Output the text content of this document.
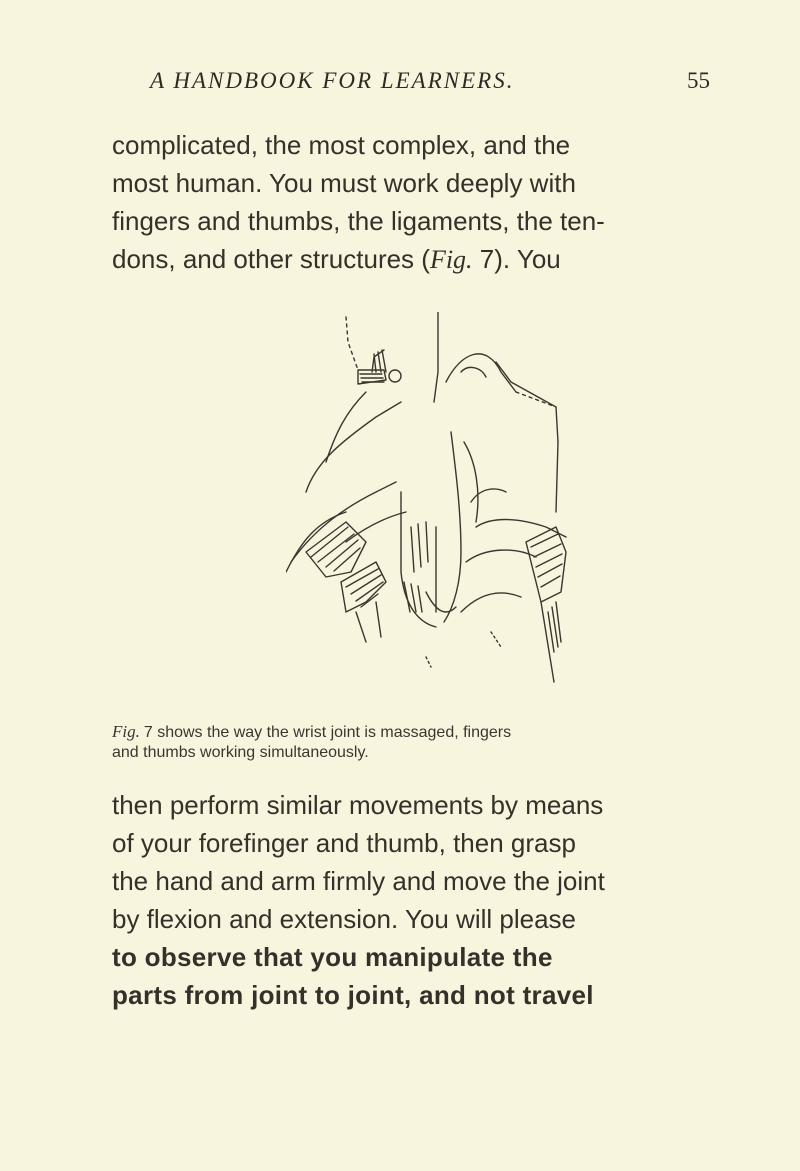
A HANDBOOK FOR LEARNERS.	55
complicated, the most complex, and the
most human. You must work deeply with
fingers and thumbs, the ligaments, the ten-
dons, and other structures (Fig. 7). You
Fig. 7 shows the way the wrist joint is massaged, fingers
and thumbs working simultaneously.
then perform similar movements by means
of your forefinger and thumb, then grasp
the hand and arm firmly and move the joint
by flexion and extension. You will please
to observe that you manipulate the
parts from joint to joint, and not travel
